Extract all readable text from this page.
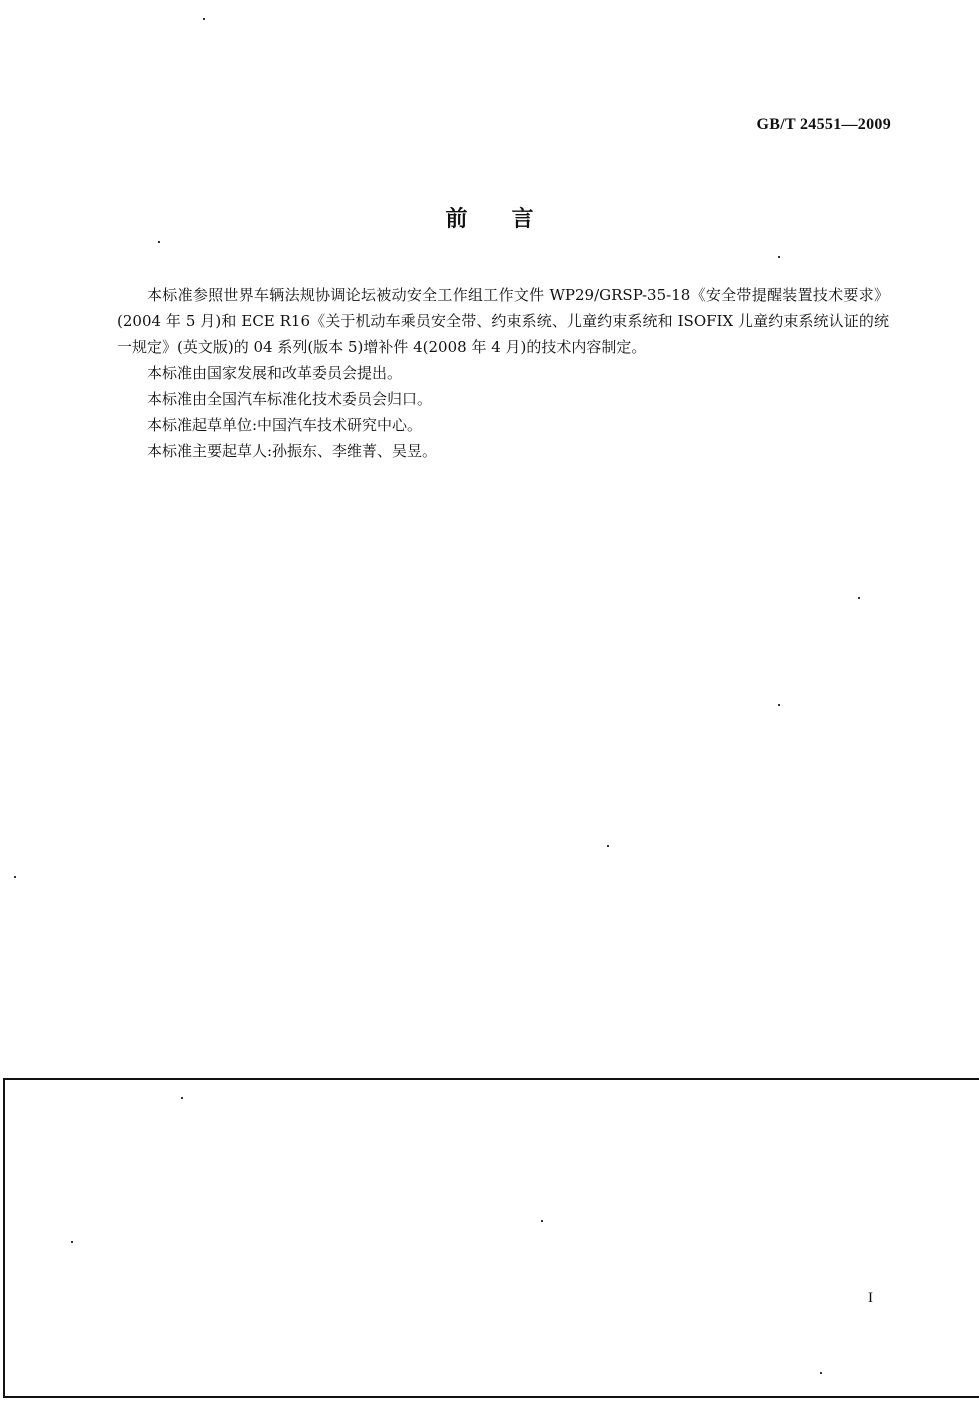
GB/T 24551—2009
前言

本标准参照世界车辆法规协调论坛被动安全工作组工作文件 WP29/GRSP-35-18《安全带提醒装置技术要求》(2004 年 5 月)和 ECE R16《关于机动车乘员安全带、约束系统、儿童约束系统和 ISOFIX 儿童约束系统认证的统一规定》(英文版)的 04 系列(版本 5)增补件 4(2008 年 4 月)的技术内容制定。

本标准由国家发展和改革委员会提出。

本标准由全国汽车标准化技术委员会归口。

本标准起草单位:中国汽车技术研究中心。

本标准主要起草人:孙振东、李维菁、吴昱。

I
